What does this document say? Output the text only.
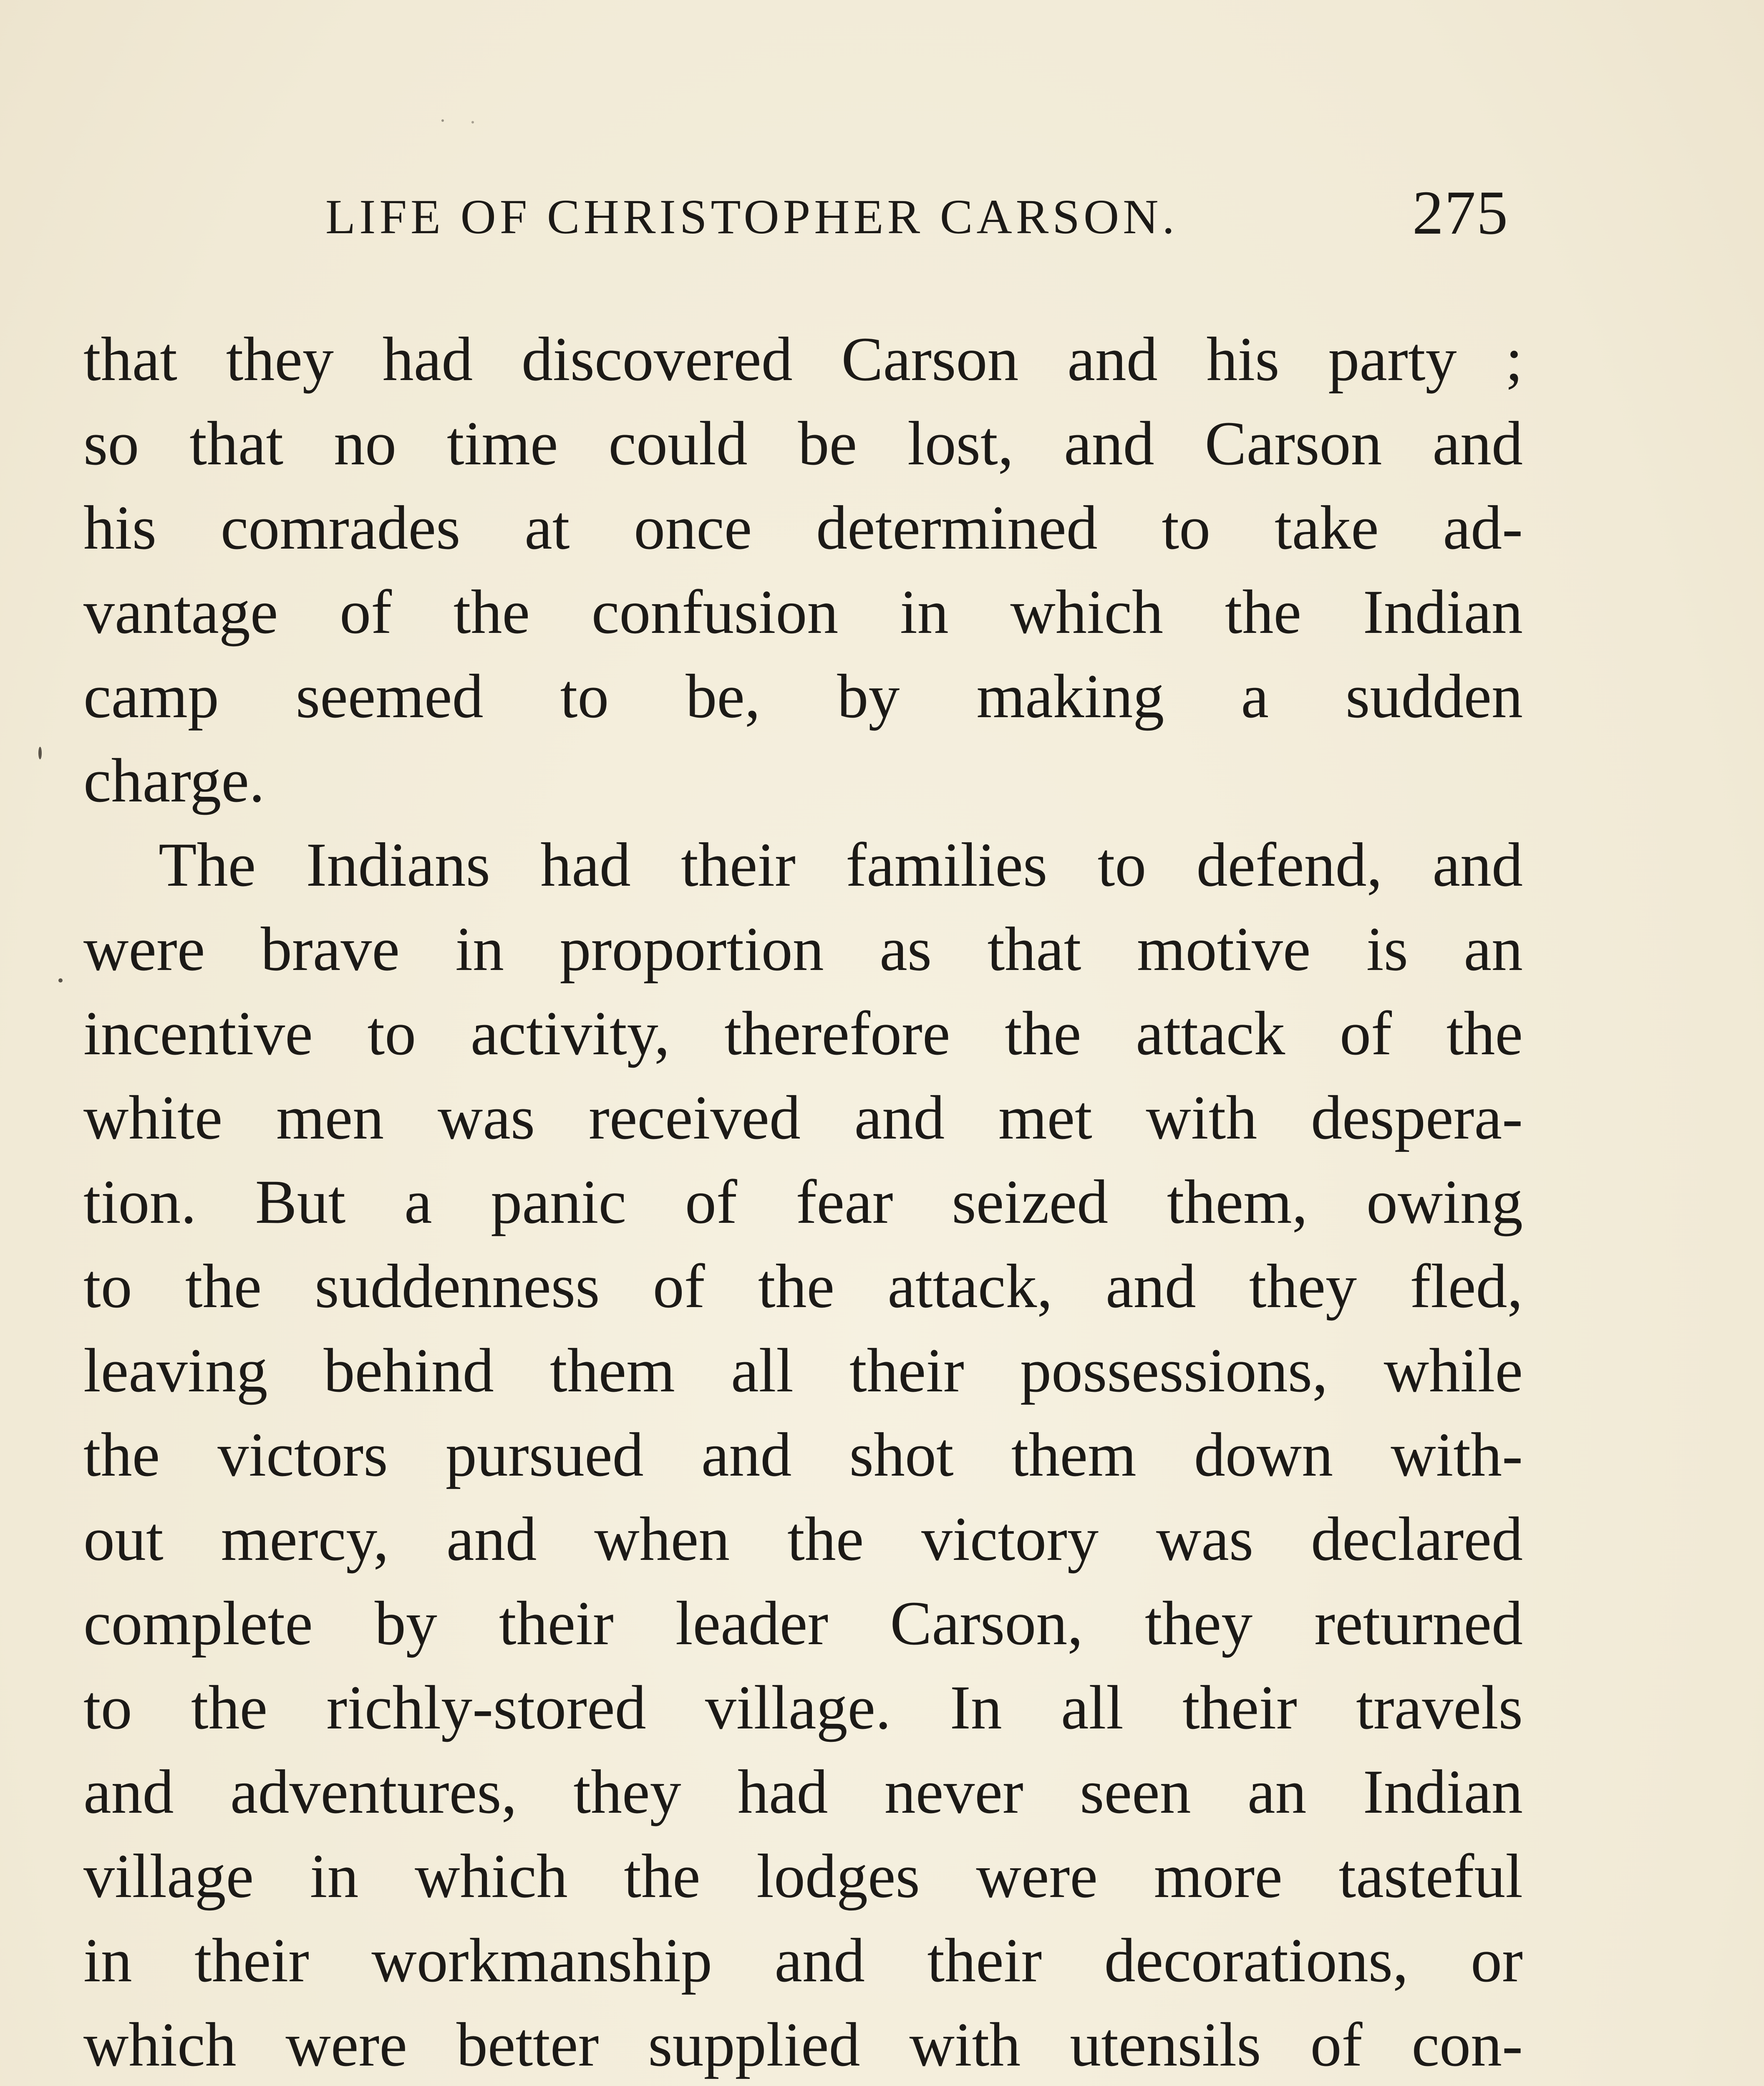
LIFE OF CHRISTOPHER CARSON.	275
that they had discovered Carson and his party ;
so that no time could be lost, and Carson and
his comrades at once determined to take ad-
vantage of the confusion in which the Indian
camp seemed to be, by making a sudden
charge.
The Indians had their families to defend, and
were brave in proportion as that motive is an
incentive to activity, therefore the attack of the
white men was received and met with despera-
tion. But a panic of fear seized them, owing
to the suddenness of the attack, and they fled,
leaving behind them all their possessions, while
the victors pursued and shot them down with-
out mercy, and when the victory was declared
complete by their leader Carson, they returned
to the richly-stored village. In all their travels
and adventures, they had never seen an Indian
village in which the lodges were more tasteful
in their workmanship and their decorations, or
which were better supplied with utensils of con-
